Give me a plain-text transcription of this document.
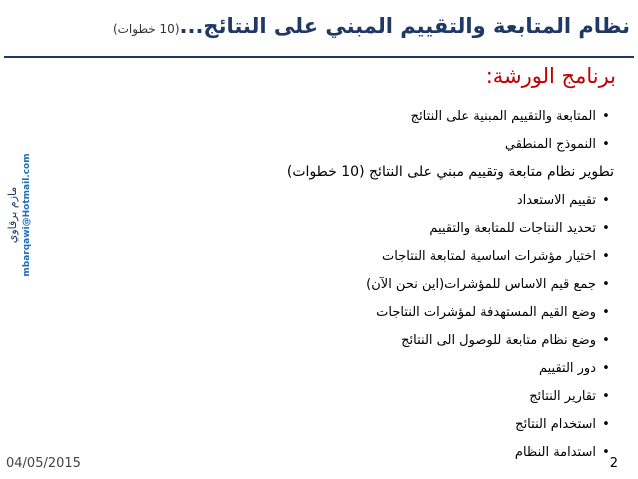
نظام المتابعة والتقييم المبني على النتائج...(10 خطوات)
برنامج الورشة:
•
المتابعة والتقييم المبنية على النتائج
•
النموذج المنطقي
تطوير نظام متابعة وتقييم مبني على النتائج (10 خطوات)
•
تقييم الاستعداد
•
تحديد النتاجات للمتابعة والتقييم
•
اختيار مؤشرات اساسية لمتابعة النتاجات
•
جمع قيم الاساس للمؤشرات(اين نحن الآن)
•
وضع القيم المستهدفة لمؤشرات النتاجات
•
وضع نظام متابعة للوصول الى النتائج
•
دور التقييم
•
تقارير النتائج
•
استخدام النتائج
•
استدامة النظام
مازم برقاوي mbarqawi@Hotmail.com
04/05/2015	2
